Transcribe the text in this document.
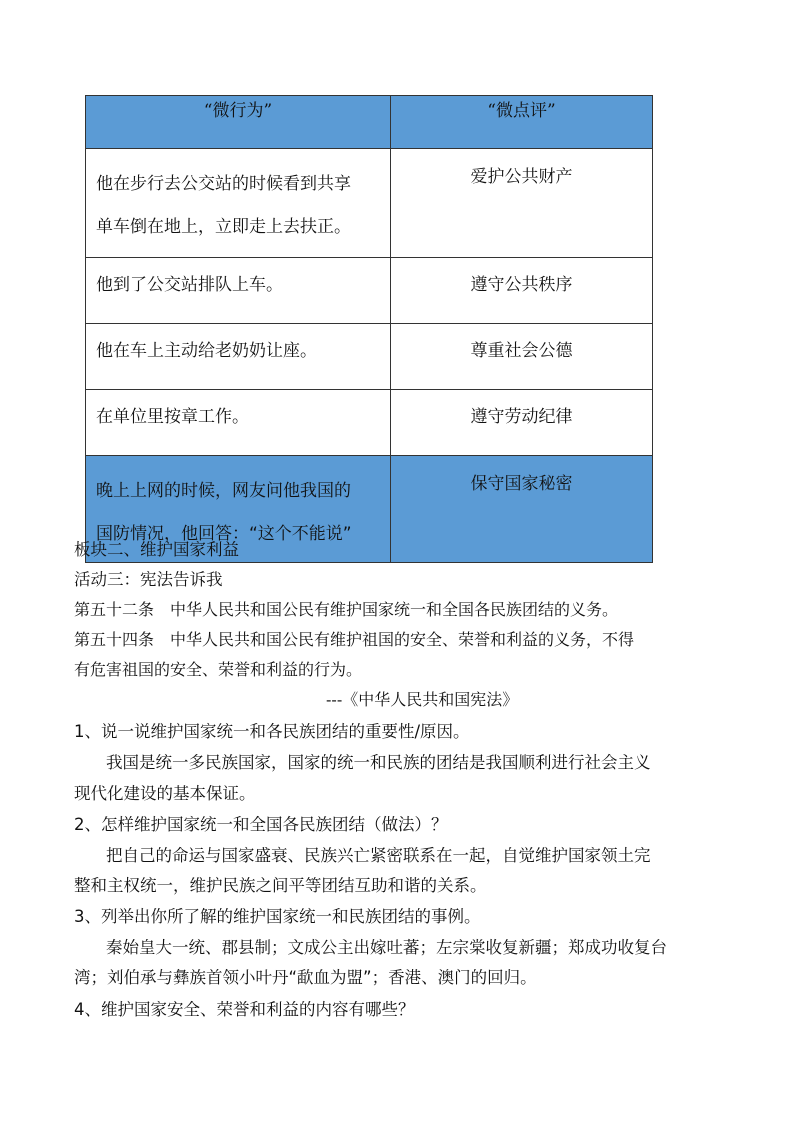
“微行为”	“微点评”

他在步行去公交站的时候看到共享
单车倒在地上，立即走上去扶正。	爱护公共财产
他到了公交站排队上车。	遵守公共秩序
他在车上主动给老奶奶让座。	尊重社会公德
在单位里按章工作。	遵守劳动纪律

晚上上网的时候，网友问他我国的
国防情况，他回答：“这个不能说”	保守国家秘密
板块二、维护国家利益
活动三：宪法告诉我
第五十二条　中华人民共和国公民有维护国家统一和全国各民族团结的义务。
第五十四条　中华人民共和国公民有维护祖国的安全、荣誉和利益的义务，不得
有危害祖国的安全、荣誉和利益的行为。
---《中华人民共和国宪法》
1、说一说维护国家统一和各民族团结的重要性/原因。
我国是统一多民族国家，国家的统一和民族的团结是我国顺利进行社会主义
现代化建设的基本保证。
2、怎样维护国家统一和全国各民族团结（做法）？
把自己的命运与国家盛衰、民族兴亡紧密联系在一起，自觉维护国家领土完
整和主权统一，维护民族之间平等团结互助和谐的关系。
3、列举出你所了解的维护国家统一和民族团结的事例。
秦始皇大一统、郡县制；文成公主出嫁吐蕃；左宗棠收复新疆；郑成功收复台
湾；刘伯承与彝族首领小叶丹“歃血为盟”；香港、澳门的回归。
4、维护国家安全、荣誉和利益的内容有哪些？
